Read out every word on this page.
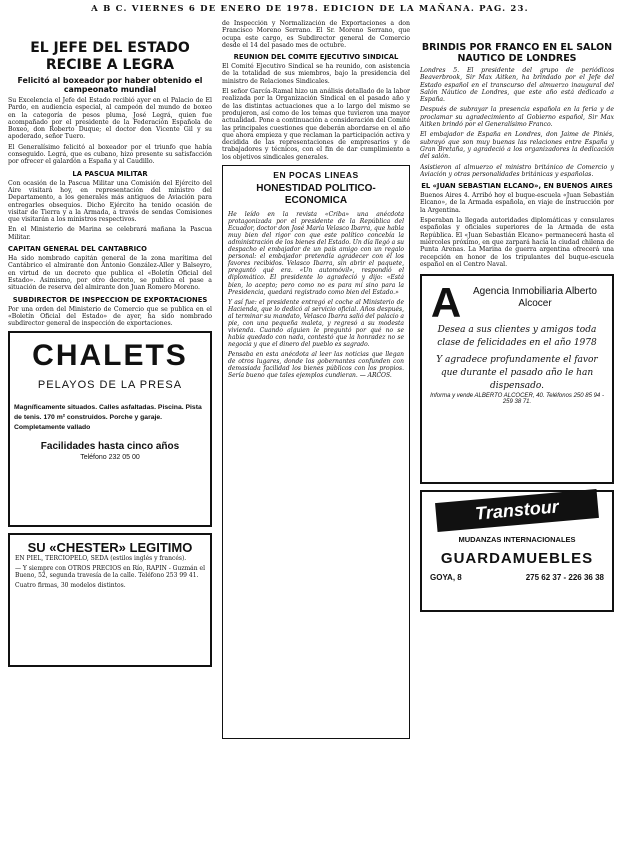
A B C. VIERNES 6 DE ENERO DE 1978. EDICION DE LA MAÑANA. PAG. 23.
EL JEFE DEL ESTADO RECIBE A LEGRA
Felicitó al boxeador por haber obtenido el campeonato mundial

Su Excelencia el Jefe del Estado recibió ayer en el Palacio de El Pardo, en audiencia especial, al campeón del mundo de boxeo en la categoría de pesos pluma, José Legrá, quien fue acompañado por el presidente de la Federación Española de Boxeo, don Roberto Duque; el doctor don Vicente Gil y su apoderado, señor Tuero.

El Generalísimo felicitó al boxeador por el triunfo que había conseguido. Legrá, que es cubano, hizo presente su satisfacción por ofrecer el galardón a España y al Caudillo.

LA PASCUA MILITAR

Con ocasión de la Pascua Militar una Comisión del Ejército del Aire visitará hoy, en representación del ministro del Departamento, a los generales más antiguos de Aviación para entregarles obsequios. Dicho Ejército ha tenido ocasión de visitar de Tierra y a la Armada, a través de sendas Comisiones que visitarán a los ministros respectivos.

En el Ministerio de Marina se celebrará mañana la Pascua Militar.

CAPITAN GENERAL DEL CANTABRICO

Ha sido nombrado capitán general de la zona marítima del Cantábrico el almirante don Antonio González-Aller y Balseyro, en virtud de un decreto que publica el «Boletín Oficial del Estado». Asimismo, por otro decreto, se publica el pase a situación de reserva del almirante don Juan Romero Moreno.

SUBDIRECTOR DE INSPECCION DE EXPORTACIONES

Por una orden del Ministerio de Comercio que se publica en el «Boletín Oficial del Estado» de ayer, ha sido nombrado subdirector general de inspección de exportaciones.

CHALETS
PELAYOS DE LA PRESA
Magníficamente situados. Calles asfaltadas. Piscina. Pista de tenis. 170 m² construidos. Porche y garaje. Completamente vallado
Facilidades hasta cinco años
Teléfono 232 05 00
SU «CHESTER» LEGITIMO

EN PIEL, TERCIOPELO, SEDA (estilos inglés y francés).

— Y siempre con OTROS PRECIOS en Río, RAPIN - Guzmán el Bueno, 52, segunda travesía de la calle. Teléfono 253 99 41.

Cuatro firmas, 30 modelos distintos.

de Inspección y Normalización de Exportaciones a don Francisco Moreno Serrano. El Sr. Moreno Serrano, que ocupa este cargo, es Subdirector general de Comercio desde el 14 del pasado mes de octubre.

REUNION DEL COMITE EJECUTIVO SINDICAL

El Comité Ejecutivo Sindical se ha reunido, con asistencia de la totalidad de sus miembros, bajo la presidencia del ministro de Relaciones Sindicales.

El señor García-Ramal hizo un análisis detallado de la labor realizada por la Organización Sindical en el pasado año y de las distintas actuaciones que a lo largo del mismo se produjeron, así como de los temas que tuvieron una mayor actualidad. Pone a continuación a consideración del Comité las principales cuestiones que deberán abordarse en el año que ahora empieza y que reclaman la participación activa y decidida de las representaciones de empresarios y de trabajadores y técnicos, con el fin de dar cumplimiento a los objetivos sindicales generales.

EN POCAS LINEAS
HONESTIDAD POLITICO-ECONOMICA

He leído en la revista «Criba» una anécdota protagonizada por el presidente de la República del Ecuador, doctor don José María Velasco Ibarra, que habla muy bien del rigor con que este político concebía la administración de los bienes del Estado. Un día llegó a su despacho el embajador de un país amigo con un regalo personal: el embajador pretendía agradecer con él los favores recibidos. Velasco Ibarra, sin abrir el paquete, preguntó qué era. «Un automóvil», respondió el diplomático. El presidente lo agradeció y dijo: «Está bien, lo acepto; pero como no es para mí sino para la Presidencia, quedará registrado como bien del Estado.»

Y así fue: el presidente entregó el coche al Ministerio de Hacienda, que lo dedicó al servicio oficial. Años después, al terminar su mandato, Velasco Ibarra salió del palacio a pie, con una pequeña maleta, y regresó a su modesta vivienda. Cuando alguien le preguntó por qué no se había quedado con nada, contestó que la honradez no se negocia y que el dinero del pueblo es sagrado.

Pensaba en esta anécdota al leer las noticias que llegan de otros lugares, donde los gobernantes confunden con demasiada facilidad los bienes públicos con los propios. Sería bueno que tales ejemplos cundieran. — ARCOS.

BRINDIS POR FRANCO EN EL SALON NAUTICO DE LONDRES

Londres 5. El presidente del grupo de periódicos Beaverbrook, Sir Max Aitken, ha brindado por el Jefe del Estado español en el transcurso del almuerzo inaugural del Salón Náutico de Londres, que este año está dedicado a España.

Después de subrayar la presencia española en la feria y de proclamar su agradecimiento al Gobierno español, Sir Max Aitken brindó por el Generalísimo Franco.

El embajador de España en Londres, don Jaime de Piniés, subrayó que son muy buenas las relaciones entre España y Gran Bretaña, y agradeció a los organizadores la dedicación del salón.

Asistieron al almuerzo el ministro británico de Comercio y Aviación y otras personalidades británicas y españolas.

EL «JUAN SEBASTIAN ELCANO», EN BUENOS AIRES

Buenos Aires 4. Arribó hoy el buque-escuela «Juan Sebastián Elcano», de la Armada española, en viaje de instrucción por la Argentina.

Esperaban la llegada autoridades diplomáticas y consulares españolas y oficiales superiores de la Armada de esta República. El «Juan Sebastián Elcano» permanecerá hasta el miércoles próximo, en que zarpará hacia la ciudad chilena de Punta Arenas. La Marina de guerra argentina ofrecerá una recepción en honor de los tripulantes del buque-escuela español en el Centro Naval.

A	Agencia Inmobiliaria Alberto Alcocer
Desea a sus clientes y amigos toda clase de felicidades en el año 1978
Y agradece profundamente el favor que durante el pasado año le han dispensado.
Informa y vende ALBERTO ALCOCER, 40. Teléfonos 250 85 94 - 259 38 71.
Transtour
MUDANZAS INTERNACIONALES
GUARDAMUEBLES
GOYA, 8	275 62 37 - 226 36 38
